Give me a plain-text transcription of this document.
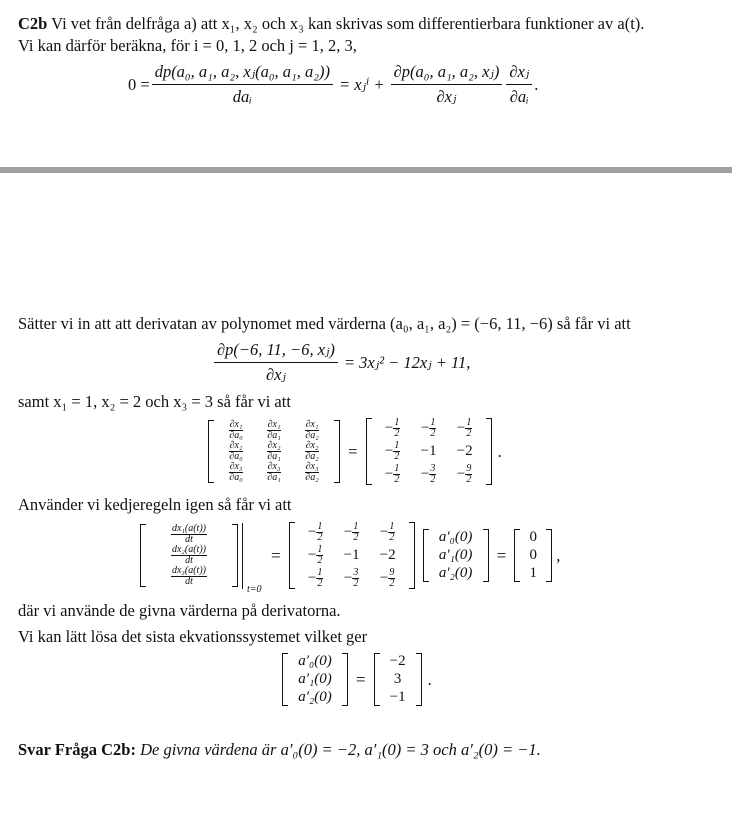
C2b Vi vet från delfråga a) att x₁, x₂ och x₃ kan skrivas som differentierbara funktioner av a(t).
Vi kan därför beräkna, för i = 0, 1, 2 och j = 1, 2, 3,
$0 = \frac{\text{dp(a₀, a₁, a₂, xⱼ(a₀, a₁, a₂))}}{\text{daᵢ}}$ = xⱼⁱ + $\frac{\text{∂p(a₀, a₁, a₂, xⱼ)}}{\text{∂xⱼ}} \frac{\text{∂xⱼ}}{\text{∂aᵢ}}$ .
Sätter vi in att att derivatan av polynomet med värderna (a₀, a₁, a₂) = (−6, 11, −6) så får vi att
$\frac{\text{∂p(−6, 11, −6, xⱼ)}}{\text{∂xⱼ}}$ = 3xⱼ² − 12xⱼ + 11,
samt x₁ = 1, x₂ = 2 och x₃ = 3 så får vi att
$\frac{\text{∂x₁}}{\text{∂a₀}} \frac{\text{∂x₁}}{\text{∂a₁}} \frac{\text{∂x₁}}{\text{∂a₂}}$
$\frac{\text{∂x₂}}{\text{∂a₀}} \frac{\text{∂x₂}}{\text{∂a₁}} \frac{\text{∂x₂}}{\text{∂a₂}}$
$\frac{\text{∂x₃}}{\text{∂a₀}} \frac{\text{∂x₃}}{\text{∂a₁}} \frac{\text{∂x₃}}{\text{∂a₂}}$
=
− $\frac{1}{2} - \frac{1}{2} - \frac{1}{2}$
− $\frac{1}{2} -1 -2$
− $\frac{1}{2} - \frac{3}{2} - \frac{9}{2}$
.
Använder vi kedjeregeln igen så får vi att
$\frac{\text{dx₁(a(t))}}{dt}$
$\frac{\text{dx₂(a(t))}}{dt}$
$\frac{\text{dx₃(a(t))}}{dt}$
t=0
=
− $\frac{1}{2} - \frac{1}{2} - \frac{1}{2}$
− $\frac{1}{2} -1 -2$
− $\frac{1}{2} - \frac{3}{2} - \frac{9}{2}$
a′₀(0)
a′₁(0)
a′₂(0)
=
0
0
1
,
där vi använde de givna värderna på derivatorna.
Vi kan lätt lösa det sista ekvationssystemet vilket ger
a′₀(0)
a′₁(0)
a′₂(0)
=
−2
3
−1
.
Svar Fråga C2b: De givna värdena är a′₀(0) = −2, a′₁(0) = 3 och a′₂(0) = −1.
